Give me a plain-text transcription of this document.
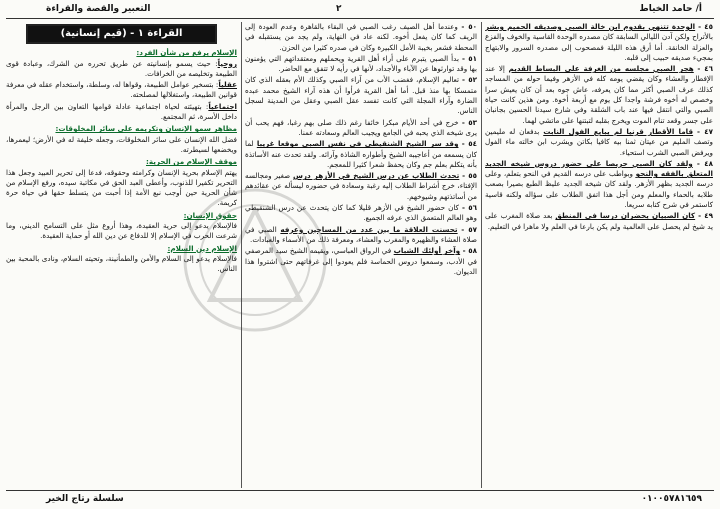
أ/ حامد الخياط
٢
التعبير والقصة والقراءة

٤٥ - الوحدة تتنهي بقدوم ابن خالة الصبي وصديقه الحميم وبشر بالأتراح ولكن آدن الليالي السابقة كان مصدره الوحدة القاسية والخوف والفزع والعزلة الخانقة. أما أرق هذه الليلة فمصحوب إلى مصدره السرور والابتهاج بمجيء صديقه حبيب إلى قلبه.

٤٦ - هجر الصبي مجلسه من الغرفة على البساط القديم إلا عند الإفطار والعشاء وكان يقضي يومه كله في الأزهر وفيما حوله من المساجد كذلك عرف الصبي أكثر مما كان يعرفه، عاش جوه بعد أن كان يعيش سرا وخصص له أخوه فرشة واجدا كل يوم مع أربعة أخوة. ومن هذين كانت حياة الصبي والتي انتقل فيها عند باب الشلقة وفي شارع سيدنا الحسين بجانبان على جسر وقعد تنام الموت ويخرج بقلبه لتبتنها على ماتشي لهما.

٤٧ - قاما الأقطار قرنيا لم يبايع الفول النابت بدفعان له مليمين وتصف المليم من عيتان ثمنا بيه كافيا بكاتن ويشرب ابن خالته ماء الفول ويرفض الصبي الشرب استحياء.

٤٨ - ولقد كان الصبي حريصا على حضور دروس شيخه الجديد المتعلق بالفقه والنحو وبواطب على درسه القديم في النحو بتعلم، وعلى درسه الجديد بظهر الأزهر. ولقد كان شيخه الجديد عليظ الطبع بصيرا بصعب طلابه بالحماء والمعلم ومن أجل هذا اتفق الطلاب على سؤاله ولكنه قاسية كاستمر في شرح كتابه سريعا.

٤٩ - كان الصبيان يحضران درسا في المنطق بعد صلاة المغرب على يد شيخ لم يحصل على العالمية ولم يكن بارعا في العلم ولا ماهرا في التعليم.

٥٠ - وعندما أهل الصيف رغب الصبي في البقاء بالقاهرة وعدم العودة إلى الريف كما كان يفعل أخوه. لكنه عاد في النهاية، ولم يجد من يستقبله في المحطة فشعر بخيبة الأمل الكبيرة وكان في صدره كثيرا من الحزن.

٥١ - بدأ الصبي يتبرم على أراء أهل القرية ويحملهم ومعتقداتهم التي يؤمنون بها وقد توارثوها عن الآباء والأجداد، لأنها في رأيه لا تتفق مع الحاضر.

٥٢ - تعاليم الإسلام، فغضب الأب من آراء الصبي وكذلك الأم بعقله الذي كان متمسكا بها منذ قبل. أما أهل القرية فرأوا أن هذه آراء الشيخ محمد عبده الضارة وآراء المجلة التي كانت تفسد عقل الصبي وعقل من المدينة لسجل الناس.

٥٣ - خرج في أحد الأيام مبكرا خائفا رغم ذلك صلى بهم رغبا، فهم يحب أن يرى شيخه الذي يحبه في الجامع ويجيب العالم وسعادته عمنا.

٥٤ - وقد سر الشيخ الشنقيطي في نفس الصبي موقعا غريبا لما كان يسمعه من أعاجيبه الشيخ وأطواره الشاذة وآرائه. ولقد تحدث عنه الأساتذة بأنه يتكلم بعلم جم وكان يحفظ شعرا كثيرا للمعجم.

٥٥ - تحدث الطلاب عن درس الشيخ في الأزهر درس صغير ومجالسه الإفتاء، خرج أشراط الطلاب إليه رغبة وسعادة في حضوره ليسأله عن عقائدهم من أساتذتهم وشيوخهم.

٥٦ - كان حضور الشيخ في الأزهر قليلا كما كان يتحدث عن درس الشنقيطي وهو العالم المتعمق الذي عرفه الجميع.

٥٧ - تحسنت العلاقة ما بين عدد من المساجين وعرفه الصبي في صلاة العشاء والظهيرة والمغرب والعشاء، ومعرفة ذلك من الأسماء والعبادات.

٥٨ - وآخر أولئك الشباب في الرواق العباسي، ويقيمه الشيخ سيد المرصفي في الأدب، وسمعوا دروس الحماسة فلم يعودوا إلى غرفاتهم حتى اشتروا هذا الديوان.

القراءة ١ - (قيم إنسانية)

الإسلام يرفع من شأن الفرد:

روحياً: حيث يسمو بإنسانيته عن طريق تحرره من الشرك، وعبادة قوى الطبيعة وتخليصه من الخرافات.

عقلياً: بتسخير عوامل الطبيعة، وقواها له، وسلطة، واستخدام عقله في معرفة قوانين الطبيعة، واستغلالها لمصلحته.

اجتماعياً: بتهيئته لحياة اجتماعية عادلة قوامها التعاون بين الرجل والمرأة داخل الأسرة، ثم المجتمع.

مظاهر سمو الإنسان وتكريمه على سائر المخلوقات:

فضل الله الإنسان على سائر المخلوقات، وجعله خليفة له في الأرض؛ ليعمرها، ويخضعها لسيطرته.

موقف الإسلام من الحرية:

يهتم الإسلام بحرية الإنسان وكرامته وحقوقه، فدعا إلى تحرير العبيد وجعل هذا التحرير تكفيرا للذنوب، وأعطى العبد الحق في مكاتبة سيده، ورفع الإسلام من شأن الحرية حين أوجب نبع الأمة إذا أحبت من يتسلط حقها في حياة حرة كريمة.

حقوق الإنسان:

فالإسلام يدعو إلى حرية العقيدة، وهذا أروع مثل على التسامح الديني، وما شرعت الحرب في الإسلام إلا للدفاع عن دين الله أو حماية العقيدة.

الإسلام دين السلام:

فالإسلام يدعو إلى السلام والأمن والطمأنينة، وتحيته السلام، ونادى بالمحبة بين الناس.

٠١٠٠٥٧٨١٦٥٩
سلسلة رتاج الخير
